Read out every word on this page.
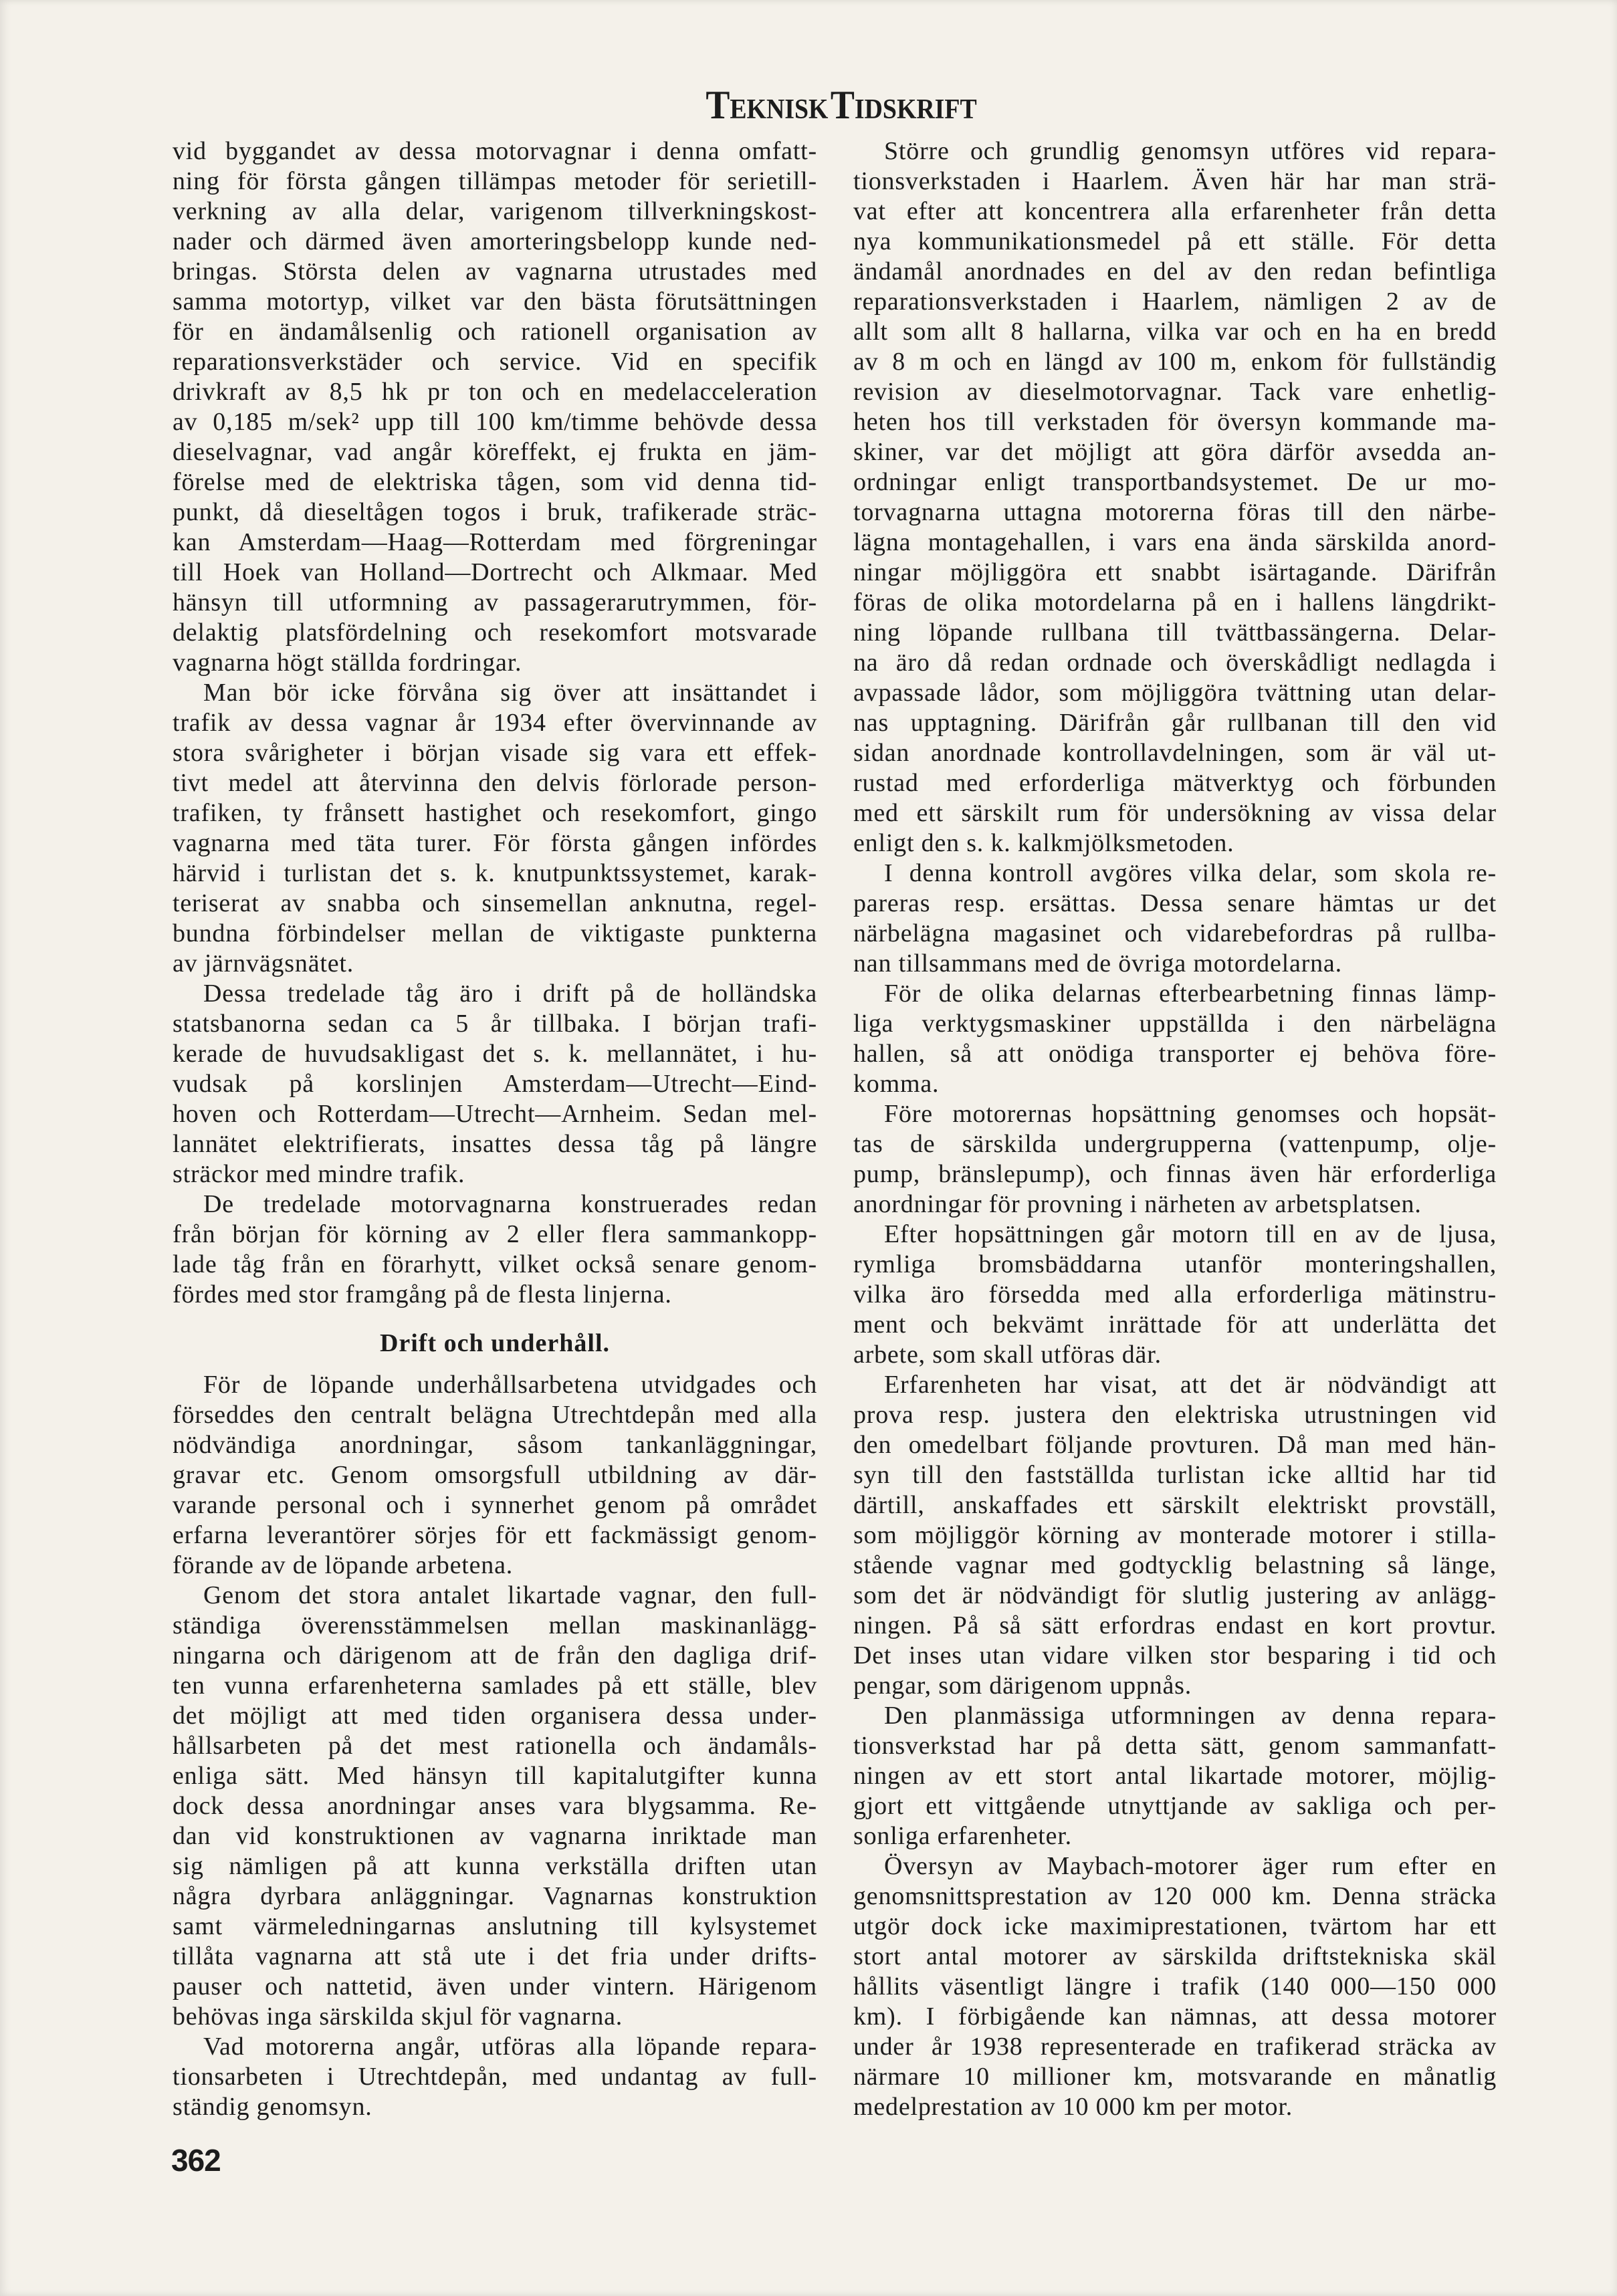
Teknisk Tidskrift
vid byggandet av dessa motorvagnar i denna omfatt-
ning för första gången tillämpas metoder för serietill-
verkning av alla delar, varigenom tillverkningskost-
nader och därmed även amorteringsbelopp kunde ned-
bringas. Största delen av vagnarna utrustades med
samma motortyp, vilket var den bästa förutsättningen
för en ändamålsenlig och rationell organisation av
reparationsverkstäder och service. Vid en specifik
drivkraft av 8,5 hk pr ton och en medelacceleration
av 0,185 m/sek² upp till 100 km/timme behövde dessa
dieselvagnar, vad angår köreffekt, ej frukta en jäm-
förelse med de elektriska tågen, som vid denna tid-
punkt, då dieseltågen togos i bruk, trafikerade sträc-
kan Amsterdam—Haag—Rotterdam med förgreningar
till Hoek van Holland—Dortrecht och Alkmaar. Med
hänsyn till utformning av passagerarutrymmen, för-
delaktig platsfördelning och resekomfort motsvarade
vagnarna högt ställda fordringar.
Man bör icke förvåna sig över att insättandet i
trafik av dessa vagnar år 1934 efter övervinnande av
stora svårigheter i början visade sig vara ett effek-
tivt medel att återvinna den delvis förlorade person-
trafiken, ty frånsett hastighet och resekomfort, gingo
vagnarna med täta turer. För första gången infördes
härvid i turlistan det s. k. knutpunktssystemet, karak-
teriserat av snabba och sinsemellan anknutna, regel-
bundna förbindelser mellan de viktigaste punkterna
av järnvägsnätet.
Dessa tredelade tåg äro i drift på de holländska
statsbanorna sedan ca 5 år tillbaka. I början trafi-
kerade de huvudsakligast det s. k. mellannätet, i hu-
vudsak på korslinjen Amsterdam—Utrecht—Eind-
hoven och Rotterdam—Utrecht—Arnheim. Sedan mel-
lannätet elektrifierats, insattes dessa tåg på längre
sträckor med mindre trafik.
De tredelade motorvagnarna konstruerades redan
från början för körning av 2 eller flera sammankopp-
lade tåg från en förarhytt, vilket också senare genom-
fördes med stor framgång på de flesta linjerna.
Drift och underhåll.
För de löpande underhållsarbetena utvidgades och
förseddes den centralt belägna Utrechtdepån med alla
nödvändiga anordningar, såsom tankanläggningar,
gravar etc. Genom omsorgsfull utbildning av där-
varande personal och i synnerhet genom på området
erfarna leverantörer sörjes för ett fackmässigt genom-
förande av de löpande arbetena.
Genom det stora antalet likartade vagnar, den full-
ständiga överensstämmelsen mellan maskinanlägg-
ningarna och därigenom att de från den dagliga drif-
ten vunna erfarenheterna samlades på ett ställe, blev
det möjligt att med tiden organisera dessa under-
hållsarbeten på det mest rationella och ändamåls-
enliga sätt. Med hänsyn till kapitalutgifter kunna
dock dessa anordningar anses vara blygsamma. Re-
dan vid konstruktionen av vagnarna inriktade man
sig nämligen på att kunna verkställa driften utan
några dyrbara anläggningar. Vagnarnas konstruktion
samt värmeledningarnas anslutning till kylsystemet
tillåta vagnarna att stå ute i det fria under drifts-
pauser och nattetid, även under vintern. Härigenom
behövas inga särskilda skjul för vagnarna.
Vad motorerna angår, utföras alla löpande repara-
tionsarbeten i Utrechtdepån, med undantag av full-
ständig genomsyn.
Större och grundlig genomsyn utföres vid repara-
tionsverkstaden i Haarlem. Även här har man strä-
vat efter att koncentrera alla erfarenheter från detta
nya kommunikationsmedel på ett ställe. För detta
ändamål anordnades en del av den redan befintliga
reparationsverkstaden i Haarlem, nämligen 2 av de
allt som allt 8 hallarna, vilka var och en ha en bredd
av 8 m och en längd av 100 m, enkom för fullständig
revision av dieselmotorvagnar. Tack vare enhetlig-
heten hos till verkstaden för översyn kommande ma-
skiner, var det möjligt att göra därför avsedda an-
ordningar enligt transportbandsystemet. De ur mo-
torvagnarna uttagna motorerna föras till den närbe-
lägna montagehallen, i vars ena ända särskilda anord-
ningar möjliggöra ett snabbt isärtagande. Därifrån
föras de olika motordelarna på en i hallens längdrikt-
ning löpande rullbana till tvättbassängerna. Delar-
na äro då redan ordnade och överskådligt nedlagda i
avpassade lådor, som möjliggöra tvättning utan delar-
nas upptagning. Därifrån går rullbanan till den vid
sidan anordnade kontrollavdelningen, som är väl ut-
rustad med erforderliga mätverktyg och förbunden
med ett särskilt rum för undersökning av vissa delar
enligt den s. k. kalkmjölksmetoden.
I denna kontroll avgöres vilka delar, som skola re-
pareras resp. ersättas. Dessa senare hämtas ur det
närbelägna magasinet och vidarebefordras på rullba-
nan tillsammans med de övriga motordelarna.
För de olika delarnas efterbearbetning finnas lämp-
liga verktygsmaskiner uppställda i den närbelägna
hallen, så att onödiga transporter ej behöva före-
komma.
Före motorernas hopsättning genomses och hopsät-
tas de särskilda undergrupperna (vattenpump, olje-
pump, bränslepump), och finnas även här erforderliga
anordningar för provning i närheten av arbetsplatsen.
Efter hopsättningen går motorn till en av de ljusa,
rymliga bromsbäddarna utanför monteringshallen,
vilka äro försedda med alla erforderliga mätinstru-
ment och bekvämt inrättade för att underlätta det
arbete, som skall utföras där.
Erfarenheten har visat, att det är nödvändigt att
prova resp. justera den elektriska utrustningen vid
den omedelbart följande provturen. Då man med hän-
syn till den fastställda turlistan icke alltid har tid
därtill, anskaffades ett särskilt elektriskt provställ,
som möjliggör körning av monterade motorer i stilla-
stående vagnar med godtycklig belastning så länge,
som det är nödvändigt för slutlig justering av anlägg-
ningen. På så sätt erfordras endast en kort provtur.
Det inses utan vidare vilken stor besparing i tid och
pengar, som därigenom uppnås.
Den planmässiga utformningen av denna repara-
tionsverkstad har på detta sätt, genom sammanfatt-
ningen av ett stort antal likartade motorer, möjlig-
gjort ett vittgående utnyttjande av sakliga och per-
sonliga erfarenheter.
Översyn av Maybach-motorer äger rum efter en
genomsnittsprestation av 120 000 km. Denna sträcka
utgör dock icke maximiprestationen, tvärtom har ett
stort antal motorer av särskilda driftstekniska skäl
hållits väsentligt längre i trafik (140 000—150 000
km). I förbigående kan nämnas, att dessa motorer
under år 1938 representerade en trafikerad sträcka av
närmare 10 millioner km, motsvarande en månatlig
medelprestation av 10 000 km per motor.
362
